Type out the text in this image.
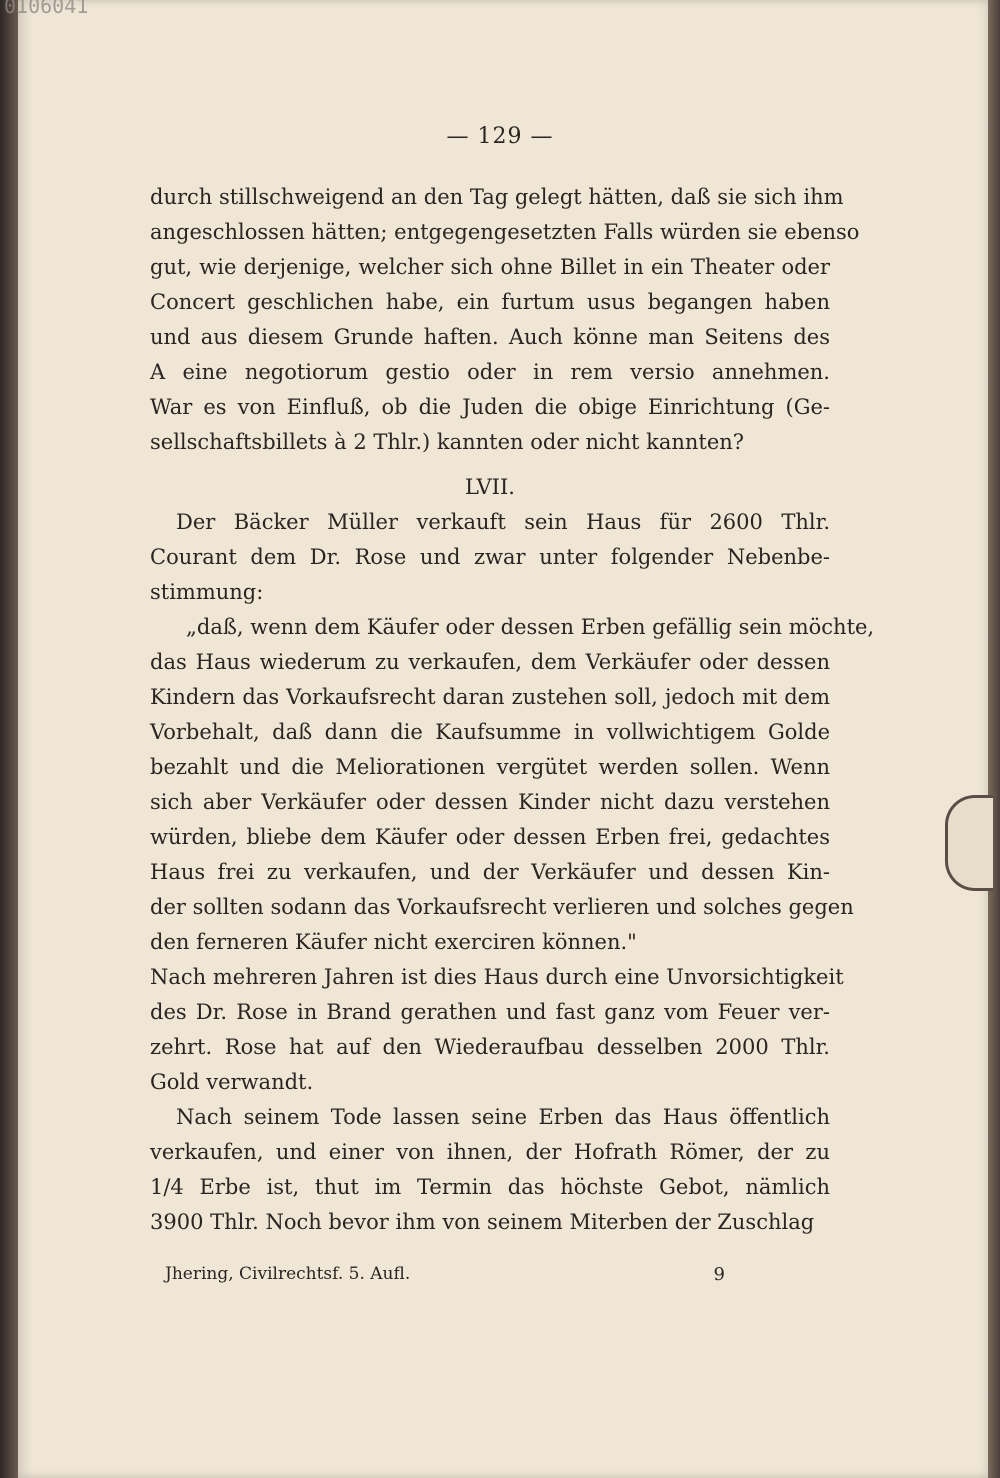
0106041
— 129 —
durch stillschweigend an den Tag gelegt hätten, daß sie sich ihm
angeschlossen hätten; entgegengesetzten Falls würden sie ebenso
gut, wie derjenige, welcher sich ohne Billet in ein Theater oder
Concert geschlichen habe, ein furtum usus begangen haben
und aus diesem Grunde haften. Auch könne man Seitens des
A eine negotiorum gestio oder in rem versio annehmen.
War es von Einfluß, ob die Juden die obige Einrichtung (Ge-
sellschaftsbillets à 2 Thlr.) kannten oder nicht kannten?
LVII.
Der Bäcker Müller verkauft sein Haus für 2600 Thlr.
Courant dem Dr. Rose und zwar unter folgender Nebenbe-
stimmung:
„daß, wenn dem Käufer oder dessen Erben gefällig sein möchte,
das Haus wiederum zu verkaufen, dem Verkäufer oder dessen
Kindern das Vorkaufsrecht daran zustehen soll, jedoch mit dem
Vorbehalt, daß dann die Kaufsumme in vollwichtigem Golde
bezahlt und die Meliorationen vergütet werden sollen. Wenn
sich aber Verkäufer oder dessen Kinder nicht dazu verstehen
würden, bliebe dem Käufer oder dessen Erben frei, gedachtes
Haus frei zu verkaufen, und der Verkäufer und dessen Kin-
der sollten sodann das Vorkaufsrecht verlieren und solches gegen
den ferneren Käufer nicht exerciren können."
Nach mehreren Jahren ist dies Haus durch eine Unvorsichtigkeit
des Dr. Rose in Brand gerathen und fast ganz vom Feuer ver-
zehrt. Rose hat auf den Wiederaufbau desselben 2000 Thlr.
Gold verwandt.
Nach seinem Tode lassen seine Erben das Haus öffentlich
verkaufen, und einer von ihnen, der Hofrath Römer, der zu
1/4 Erbe ist, thut im Termin das höchste Gebot, nämlich
3900 Thlr. Noch bevor ihm von seinem Miterben der Zuschlag
Jhering, Civilrechtsf. 5. Aufl.	9
